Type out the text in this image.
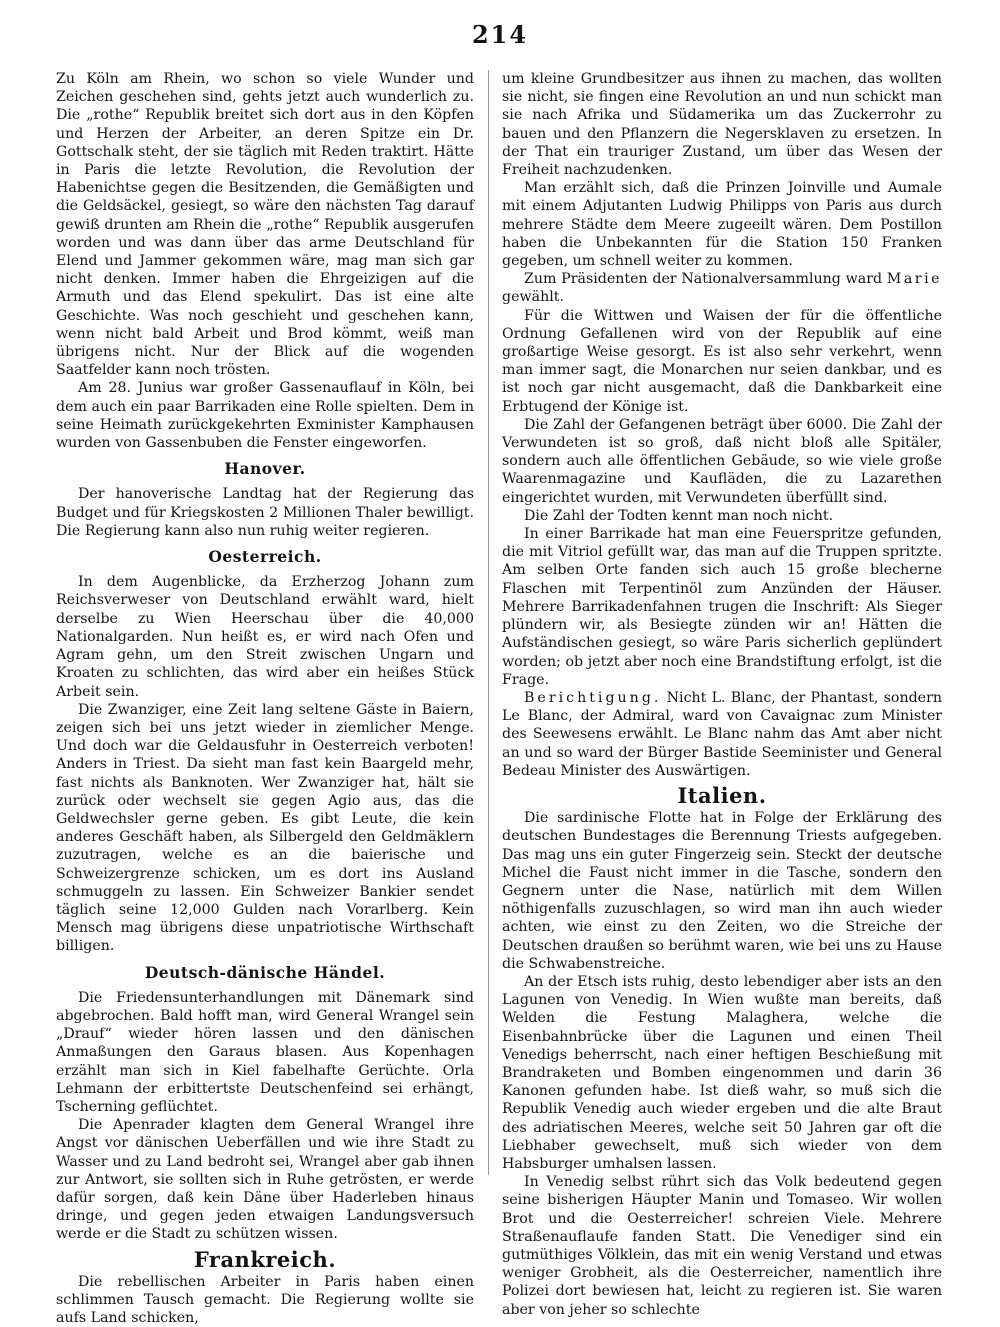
214

Zu Köln am Rhein, wo schon so viele Wunder und Zeichen geschehen sind, gehts jetzt auch wunderlich zu. Die „rothe“ Republik breitet sich dort aus in den Köpfen und Herzen der Arbeiter, an deren Spitze ein Dr. Gottschalk steht, der sie täglich mit Reden traktirt. Hätte in Paris die letzte Revolution, die Revolution der Habenichtse gegen die Besitzenden, die Gemäßigten und die Geldsäckel, gesiegt, so wäre den nächsten Tag darauf gewiß drunten am Rhein die „rothe“ Republik ausgerufen worden und was dann über das arme Deutschland für Elend und Jammer gekommen wäre, mag man sich gar nicht denken. Immer haben die Ehrgeizigen auf die Armuth und das Elend spekulirt. Das ist eine alte Geschichte. Was noch geschieht und geschehen kann, wenn nicht bald Arbeit und Brod kömmt, weiß man übrigens nicht. Nur der Blick auf die wogenden Saatfelder kann noch trösten.

Am 28. Junius war großer Gassenauflauf in Köln, bei dem auch ein paar Barrikaden eine Rolle spielten. Dem in seine Heimath zurückgekehrten Exminister Kamphausen wurden von Gassenbuben die Fenster eingeworfen.

Hanover.

Der hanoverische Landtag hat der Regierung das Budget und für Kriegskosten 2 Millionen Thaler bewilligt. Die Regierung kann also nun ruhig weiter regieren.

Oesterreich.

In dem Augenblicke, da Erzherzog Johann zum Reichsverweser von Deutschland erwählt ward, hielt derselbe zu Wien Heerschau über die 40,000 Nationalgarden. Nun heißt es, er wird nach Ofen und Agram gehn, um den Streit zwischen Ungarn und Kroaten zu schlichten, das wird aber ein heißes Stück Arbeit sein.

Die Zwanziger, eine Zeit lang seltene Gäste in Baiern, zeigen sich bei uns jetzt wieder in ziemlicher Menge. Und doch war die Geldausfuhr in Oesterreich verboten! Anders in Triest. Da sieht man fast kein Baargeld mehr, fast nichts als Banknoten. Wer Zwanziger hat, hält sie zurück oder wechselt sie gegen Agio aus, das die Geldwechsler gerne geben. Es gibt Leute, die kein anderes Geschäft haben, als Silbergeld den Geldmäklern zuzutragen, welche es an die baierische und Schweizergrenze schicken, um es dort ins Ausland schmuggeln zu lassen. Ein Schweizer Bankier sendet täglich seine 12,000 Gulden nach Vorarlberg. Kein Mensch mag übrigens diese unpatriotische Wirthschaft billigen.

Deutsch-dänische Händel.

Die Friedensunterhandlungen mit Dänemark sind abgebrochen. Bald hofft man, wird General Wrangel sein „Drauf“ wieder hören lassen und den dänischen Anmaßungen den Garaus blasen. Aus Kopenhagen erzählt man sich in Kiel fabelhafte Gerüchte. Orla Lehmann der erbittertste Deutschenfeind sei erhängt, Tscherning geflüchtet.

Die Apenrader klagten dem General Wrangel ihre Angst vor dänischen Ueberfällen und wie ihre Stadt zu Wasser und zu Land bedroht sei, Wrangel aber gab ihnen zur Antwort, sie sollten sich in Ruhe getrösten, er werde dafür sorgen, daß kein Däne über Haderleben hinaus dringe, und gegen jeden etwaigen Landungsversuch werde er die Stadt zu schützen wissen.

Frankreich.

Die rebellischen Arbeiter in Paris haben einen schlimmen Tausch gemacht. Die Regierung wollte sie aufs Land schicken,

um kleine Grundbesitzer aus ihnen zu machen, das wollten sie nicht, sie fingen eine Revolution an und nun schickt man sie nach Afrika und Südamerika um das Zuckerrohr zu bauen und den Pflanzern die Negersklaven zu ersetzen. In der That ein trauriger Zustand, um über das Wesen der Freiheit nachzudenken.

Man erzählt sich, daß die Prinzen Joinville und Aumale mit einem Adjutanten Ludwig Philipps von Paris aus durch mehrere Städte dem Meere zugeeilt wären. Dem Postillon haben die Unbekannten für die Station 150 Franken gegeben, um schnell weiter zu kommen.

Zum Präsidenten der Nationalversammlung ward Marie gewählt.

Für die Wittwen und Waisen der für die öffentliche Ordnung Gefallenen wird von der Republik auf eine großartige Weise gesorgt. Es ist also sehr verkehrt, wenn man immer sagt, die Monarchen nur seien dankbar, und es ist noch gar nicht ausgemacht, daß die Dankbarkeit eine Erbtugend der Könige ist.

Die Zahl der Gefangenen beträgt über 6000. Die Zahl der Verwundeten ist so groß, daß nicht bloß alle Spitäler, sondern auch alle öffentlichen Gebäude, so wie viele große Waarenmagazine und Kaufläden, die zu Lazarethen eingerichtet wurden, mit Verwundeten überfüllt sind.

Die Zahl der Todten kennt man noch nicht.

In einer Barrikade hat man eine Feuerspritze gefunden, die mit Vitriol gefüllt war, das man auf die Truppen spritzte. Am selben Orte fanden sich auch 15 große blecherne Flaschen mit Terpentinöl zum Anzünden der Häuser. Mehrere Barrikadenfahnen trugen die Inschrift: Als Sieger plündern wir, als Besiegte zünden wir an! Hätten die Aufständischen gesiegt, so wäre Paris sicherlich geplündert worden; ob jetzt aber noch eine Brandstiftung erfolgt, ist die Frage.

Berichtigung. Nicht L. Blanc, der Phantast, sondern Le Blanc, der Admiral, ward von Cavaignac zum Minister des Seewesens erwählt. Le Blanc nahm das Amt aber nicht an und so ward der Bürger Bastide Seeminister und General Bedeau Minister des Auswärtigen.

Italien.

Die sardinische Flotte hat in Folge der Erklärung des deutschen Bundestages die Berennung Triests aufgegeben. Das mag uns ein guter Fingerzeig sein. Steckt der deutsche Michel die Faust nicht immer in die Tasche, sondern den Gegnern unter die Nase, natürlich mit dem Willen nöthigenfalls zuzuschlagen, so wird man ihn auch wieder achten, wie einst zu den Zeiten, wo die Streiche der Deutschen draußen so berühmt waren, wie bei uns zu Hause die Schwabenstreiche.

An der Etsch ists ruhig, desto lebendiger aber ists an den Lagunen von Venedig. In Wien wußte man bereits, daß Welden die Festung Malaghera, welche die Eisenbahnbrücke über die Lagunen und einen Theil Venedigs beherrscht, nach einer heftigen Beschießung mit Brandraketen und Bomben eingenommen und darin 36 Kanonen gefunden habe. Ist dieß wahr, so muß sich die Republik Venedig auch wieder ergeben und die alte Braut des adriatischen Meeres, welche seit 50 Jahren gar oft die Liebhaber gewechselt, muß sich wieder von dem Habsburger umhalsen lassen.

In Venedig selbst rührt sich das Volk bedeutend gegen seine bisherigen Häupter Manin und Tomaseo. Wir wollen Brot und die Oesterreicher! schreien Viele. Mehrere Straßenauflaufe fanden Statt. Die Venediger sind ein gutmüthiges Völklein, das mit ein wenig Verstand und etwas weniger Grobheit, als die Oesterreicher, namentlich ihre Polizei dort bewiesen hat, leicht zu regieren ist. Sie waren aber von jeher so schlechte
